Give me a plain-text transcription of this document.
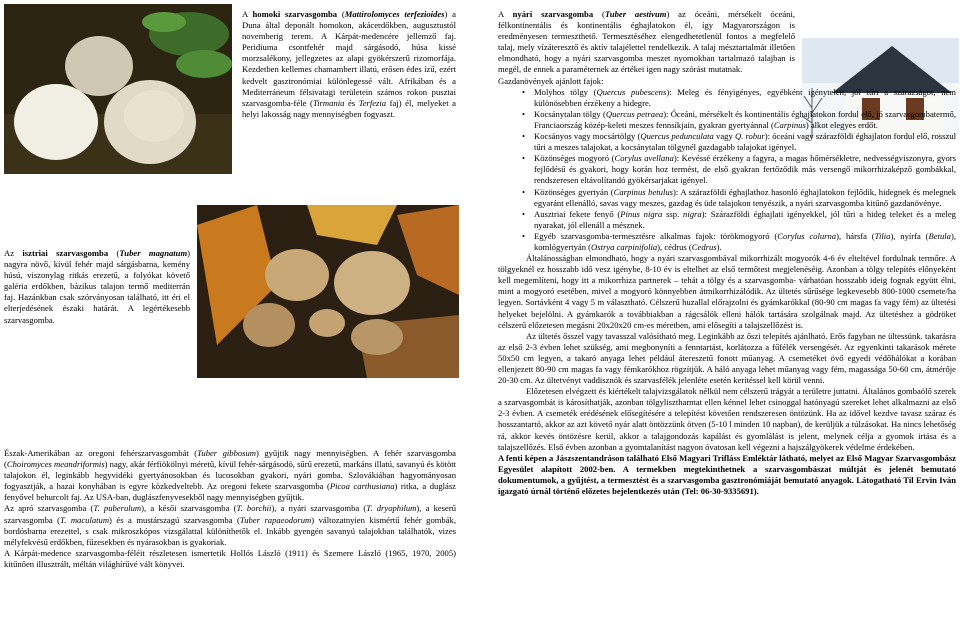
A homoki szarvasgomba (Mattirolomyces terfezioides) a Duna által deponált homokon, akácerdőkben, augusztustól novemberig terem. A Kárpát-medencére jellemző faj. Peridiuma csontfehér majd sárgásodó, húsa kissé morzsalékony, jellegzetes az alapi gyökérszerű rizomorfája. Kezdetben kellemes chamambert illatú, erősen édes ízű, ezért kedvelt gasztronómiai különlegessé vált. Afrikában és a Mediterráneum félsivatagi területein számos rokon pusztai szarvasgomba-féle (Tirmania és Terfezia faj) él, melyeket a helyi lakosság nagy mennyiségben fogyaszt.
Az isztriai szarvasgomba (Tuber magnatum) nagyra növő, kívül fehér majd sárgásbarna, kemény húsú, viszonylag ritkás erezetű, a folyókat követő galéria erdőkben, bázikus talajon termő mediterrán faj. Hazánkban csak szórványosan található, itt éri el elterjedésének északi határát. A legértékesebb szarvasgomba.

Észak-Amerikában az oregoni fehérszarvasgombát (Tuber gibbosum) gyűjtik nagy mennyiségben. A fehér szarvasgomba (Choiromyces meandriformis) nagy, akár férfiökölnyi méretű, kívül fehér-sárgásodó, sűrű erezetű, markáns illatú, savanyú és kötött talajokon él, leginkább hegyvidéki gyertyánosokban és lucosokban gyakori, nyári gomba. Szlovákiában hagyományosan fogyasztják, a hazai konyhában is egyre közkedveltebb. Az oregoni fekete szarvasgomba (Picoa carthusiana) ritka, a duglász fenyővel behurcolt faj. Az USA-ban, duglászfenyvesekből nagy mennyiségben gyűjtik.

Az apró szarvasgomba (T. puberulum), a késői szarvasgomba (T. borchii), a nyári szarvasgomba (T. dryophilum), a keserű szarvasgomba (T. maculatum) és a mustárszagú szarvasgomba (Tuber rapaeodorum) változatnyien kismértű fehér gombák, bordósbarna erezettel, s csak mikroszkópos vizsgálattal különíthetők el. Inkább gyengén savanyú talajokban találhatók, vizes mélyfekvésű erdőkben, fűzesekben és nyárasokban is gyakoriak.

A Kárpát-medence szarvasgomba-féléit részletesen ismertetik Hollós László (1911) és Szemere László (1965, 1970, 2005) kitűnően illusztrált, méltán világhírűvé vált könyvei.

A nyári szarvasgomba (Tuber aestivum) az óceáni, mérsékelt óceáni, félkontinentális és kontinentális éghajlatokon él, így Magyarországon is eredményesen termeszthető. Termesztéséhez elengedhetetlenül fontos a megfelelő talaj, mely vízáteresztő és aktív talajélettel rendelkezik. A talaj mésztartalmát illetően elmondható, hogy a nyári szarvasgomba meszet nyomokban tartalmazó talajban is megél, de ennek a paraméternek az értékei igen nagy szórást mutatnak.
Gazdanövények ajánlott fajok:
• Molyhos tölgy (Quercus pubescens): Meleg és fényigényes, egyébként igénytelen, jól tűri a szárazságot, nem különösebben érzékeny a hidegre.
• Kocsánytalan tölgy (Quercus petraea): Óceáni, mérsékelt és kontinentális éghajlatokon fordul elő, jó szarvasgombatermő, Franciaország közép-keleti meszes fennsíkjain, gyakran gyertyánnal (Carpinus) alkot elegyes erdőt.
• Kocsányos vagy mocsártölgy (Quercus pedunculata vagy Q. robur): óceáni vagy szárazföldi éghajlaton fordul elő, rosszul tűri a meszes talajokat, a kocsánytalan tölgynél gazdagabb talajokat igényel.
• Közönséges mogyoró (Corylus avellana): Kevéssé érzékeny a fagyra, a magas hőmérsékletre, nedvességviszonyra, gyors fejlődésű és gyakori, hogy korán hoz termést, de első gyakran fertőződik más versengő mikorrhizaképző gombákkal, rendszeresen eltávolítandó gyökérsarjakat igényel.
• Közönséges gyertyán (Carpinus betulus): A szárazföldi éghajlathoz hasonló éghajlatokon fejlődik, hidegnek és melegnek egyaránt ellenálló, savas vagy meszes, gazdag és üde talajokon tenyészik, a nyári szarvasgomba kitűnő gazdanövénye.
• Ausztriai fekete fenyő (Pinus nigra ssp. nigra): Szárazföldi éghajlati igényekkel, jól tűri a hideg teleket és a meleg nyarakat, jól ellenáll a mésznek.
• Egyéb szarvasgomba-termesztésre alkalmas fajok: törökmogyoró (Corylus colurna), hársfa (Tilia), nyírfa (Betula), komlógyertyán (Ostrya carpinifolia), cédrus (Cedrus).

Általánosságban elmondható, hogy a nyári szarvasgombával mikorrhizált mogyorók 4-6 év elteltével fordulnak termőre. A tölgyeknél ez hosszabb idő vesz igénybe, 8-10 év is eltelhet az első termőtest megjelenéséig. Azonban a tölgy telepítés előnyeként kell megemlíteni, hogy itt a mikorrhiza partnerek – tehát a tölgy és a szarvasgomba- várhatóan hosszabb ideig fognak együtt élni, mint a mogyoró esetében, mivel a mogyoró könnyebben átmikorrhizálódik. Az ültetés sűrűsége legkevesebb 800-1000 csemete/ha legyen. Sortávként 4 vagy 5 m választható. Célszerű huzallal előrajzolni és gyámkarókkal (80-90 cm magas fa vagy fém) az ültetési helyeket bejelölni. A gyámkarók a továbbiakban a rágcsálók elleni hálók tartására szolgálnak majd. Az ültetéshez a gödröket célszerű előzetesen megásni 20x20x20 cm-es méretben, ami elősegíti a talajszellőzést is.

Az ültetés ősszel vagy tavasszal valósítható meg. Leginkább az őszi telepítés ajánlható. Erős fagyban ne ültessünk. takarásra az első 2-3 évben lehet szükség, ami megbonyníti a fenntartást, korlátozza a fűfélék versengését. Az egyenkinti takarások mérete 50x50 cm legyen, a takaró anyaga lehet például átereszetű fonott műanyag. A csemetéket övő egyedi védőhálókat a korában ellenjezett 80-90 cm magas fa vagy fémkarókhoz rögzítjük. A háló anyaga lehet műanyag vagy fém, magassága 50-60 cm, átmérője 20-30 cm. Az ültetvényt vaddisznók és szarvasfélék jelenléte esetén kerítéssel kell körül venni.

Előzetesen elvégzett és kiértékelt talajvizsgálatok nélkül nem célszerű trágyát a területre juttatni. Általános gombaölő szerek a szarvasgombát is károsíthatják, azonban tölgylisztharmat ellen kénnel lehet csinoggal hatónyagú szereket lehet alkalmazni az első 2-3 évben. A csemeték erédésének elősegítésére a telepítést követően rendszeresen öntözünk. Ha az idővel kezdve tavasz száraz és hosszantartó, akkor az azt követő nyár alatt öntözzünk ötven (5-10 l minden 10 napban), de kerüljük a túlzásokat. Ha nincs lehetőség rá, akkor kevés öntözésre kerül, akkor a talajgondozás kapálást és gyomlálást is jelent, melynek célja a gyomok irtása és a talajszellőzés. Első évben azonban a gyomtalanítást nagyon óvatosan kell végezni a hajszálgyökerek védelme érdekében.

A fenti képen a Jászszentandráson található Első Magyari Trifláss Emléktár látható, melyet az Első Magyar Szarvasgombász Egyesület alapított 2002-ben. A termekben megtekinthetnek a szarvasgombászat múltját és jelenét bemutató dokumentumok, a gyűjtést, a termesztést és a szarvasgomba gasztronómiáját bemutató anyagok. Látogatható Til Ervin Iván igazgató úrnál történő előzetes bejelentkezés után (Tel: 06-30-9335691).
